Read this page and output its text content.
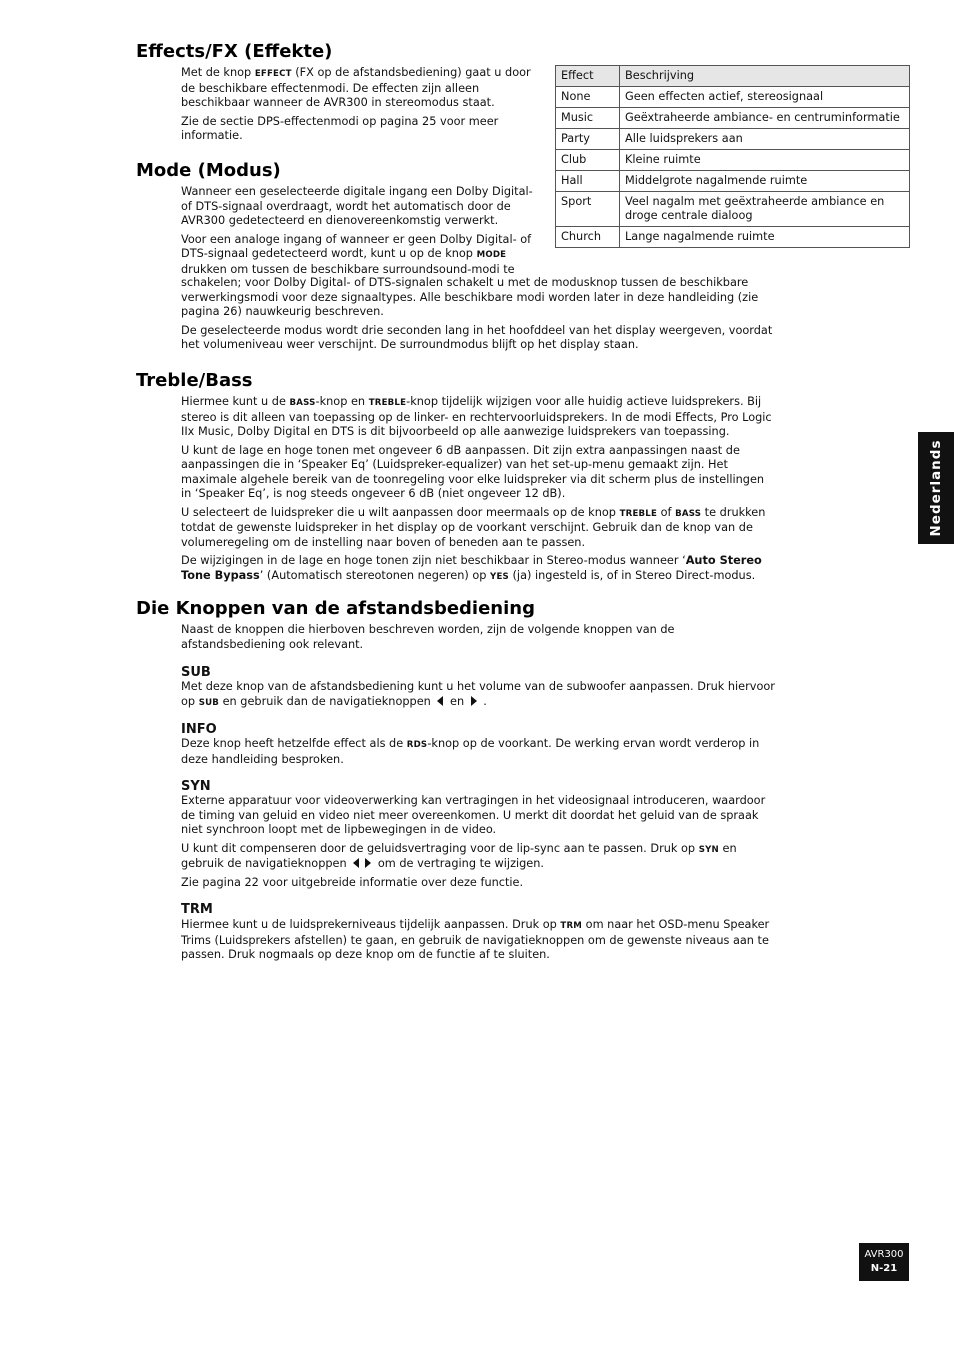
Effects/FX (Effekte)

Met de knop EFFECT (FX op de afstandsbediening) gaat u door de beschikbare effectenmodi. De effecten zijn alleen beschikbaar wanneer de AVR300 in stereomodus staat.

Zie de sectie DPS-effectenmodi op pagina 25 voor meer informatie.

Effect	Beschrijving
None	Geen effecten actief, stereosignaal
Music	Geëxtraheerde ambiance- en centruminformatie
Party	Alle luidsprekers aan
Club	Kleine ruimte
Hall	Middelgrote nagalmende ruimte
Sport	Veel nagalm met geëxtraheerde ambiance en droge centrale dialoog
Church	Lange nagalmende ruimte
Mode (Modus)

Wanneer een geselecteerde digitale ingang een Dolby Digital- of DTS-signaal overdraagt, wordt het automatisch door de AVR300 gedetecteerd en dienovereenkomstig verwerkt.

Voor een analoge ingang of wanneer er geen Dolby Digital- of
DTS-signaal gedetecteerd wordt, kunt u op de knop MODE
drukken om tussen de beschikbare surroundsound-modi te

schakelen; voor Dolby Digital- of DTS-signalen schakelt u met de modusknop tussen de beschikbare verwerkingsmodi voor deze signaaltypes. Alle beschikbare modi worden later in deze handleiding (zie pagina 26) nauwkeurig beschreven.

De geselecteerde modus wordt drie seconden lang in het hoofddeel van het display weergeven, voordat het volumeniveau weer verschijnt. De surroundmodus blijft op het display staan.

Treble/Bass

Hiermee kunt u de BASS-knop en TREBLE-knop tijdelijk wijzigen voor alle huidig actieve luidsprekers. Bij stereo is dit alleen van toepassing op de linker- en rechtervoorluidsprekers. In de modi Effects, Pro Logic IIx Music, Dolby Digital en DTS is dit bijvoorbeeld op alle aanwezige luidsprekers van toepassing.

U kunt de lage en hoge tonen met ongeveer 6 dB aanpassen. Dit zijn extra aanpassingen naast de aanpassingen die in ‘Speaker Eq’ (Luidspreker-equalizer) van het set-up-menu gemaakt zijn. Het maximale algehele bereik van de toonregeling voor elke luidspreker via dit scherm plus de instellingen in ‘Speaker Eq’, is nog steeds ongeveer 6 dB (niet ongeveer 12 dB).

U selecteert de luidspreker die u wilt aanpassen door meermaals op de knop TREBLE of BASS te drukken totdat de gewenste luidspreker in het display op de voorkant verschijnt. Gebruik dan de knop van de volumeregeling om de instelling naar boven of beneden aan te passen.

De wijzigingen in de lage en hoge tonen zijn niet beschikbaar in Stereo-modus wanneer ‘Auto Stereo Tone Bypass’ (Automatisch stereotonen negeren) op YES (ja) ingesteld is, of in Stereo Direct-modus.

Die Knoppen van de afstandsbediening

Naast de knoppen die hierboven beschreven worden, zijn de volgende knoppen van de afstandsbediening ook relevant.

SUB

Met deze knop van de afstandsbediening kunt u het volume van de subwoofer aanpassen. Druk hiervoor op SUB en gebruik dan de navigatieknoppen  en  .

INFO

Deze knop heeft hetzelfde effect als de RDS-knop op de voorkant. De werking ervan wordt verderop in deze handleiding besproken.

SYN

Externe apparatuur voor videoverwerking kan vertragingen in het videosignaal introduceren, waardoor de timing van geluid en video niet meer overeenkomen. U merkt dit doordat het geluid van de spraak niet synchroon loopt met de lipbewegingen in de video.

U kunt dit compenseren door de geluidsvertraging voor de lip-sync aan te passen. Druk op SYN en gebruik de navigatieknoppen  om de vertraging te wijzigen.

Zie pagina 22 voor uitgebreide informatie over deze functie.

TRM

Hiermee kunt u de luidsprekerniveaus tijdelijk aanpassen. Druk op TRM om naar het OSD-menu Speaker Trims (Luidsprekers afstellen) te gaan, en gebruik de navigatieknoppen om de gewenste niveaus aan te passen. Druk nogmaals op deze knop om de functie af te sluiten.

Nederlands
AVR300
N-21
